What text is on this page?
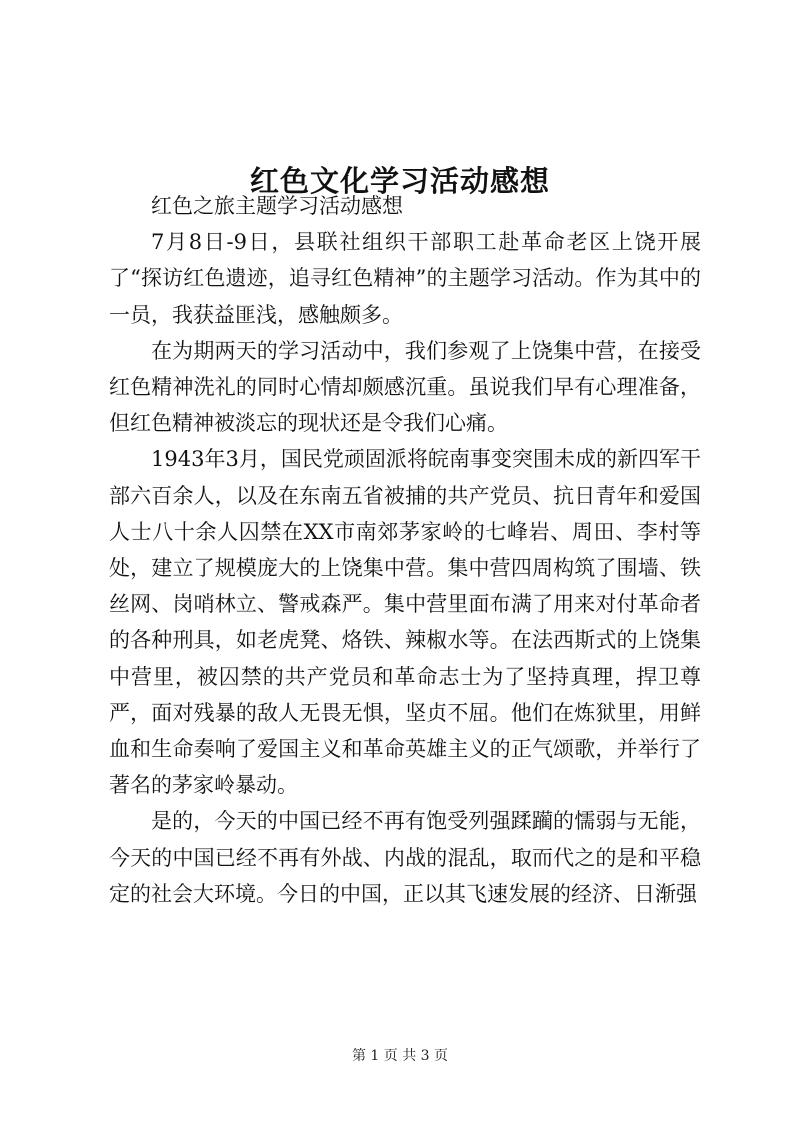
红色文化学习活动感想

红色之旅主题学习活动感想

7月8日-9日，县联社组织干部职工赴革命老区上饶开展了“探访红色遗迹，追寻红色精神”的主题学习活动。作为其中的一员，我获益匪浅，感触颇多。

在为期两天的学习活动中，我们参观了上饶集中营，在接受红色精神洗礼的同时心情却颇感沉重。虽说我们早有心理准备，但红色精神被淡忘的现状还是令我们心痛。

1943年3月，国民党顽固派将皖南事变突围未成的新四军干部六百余人，以及在东南五省被捕的共产党员、抗日青年和爱国人士八十余人囚禁在XX市南郊茅家岭的七峰岩、周田、李村等处，建立了规模庞大的上饶集中营。集中营四周构筑了围墙、铁丝网、岗哨林立、警戒森严。集中营里面布满了用来对付革命者的各种刑具，如老虎凳、烙铁、辣椒水等。在法西斯式的上饶集中营里，被囚禁的共产党员和革命志士为了坚持真理，捍卫尊严，面对残暴的敌人无畏无惧，坚贞不屈。他们在炼狱里，用鲜血和生命奏响了爱国主义和革命英雄主义的正气颂歌，并举行了著名的茅家岭暴动。

是的，今天的中国已经不再有饱受列强蹂躏的懦弱与无能，今天的中国已经不再有外战、内战的混乱，取而代之的是和平稳定的社会大环境。今日的中国，正以其飞速发展的经济、日渐强

第 1 页 共 3 页
